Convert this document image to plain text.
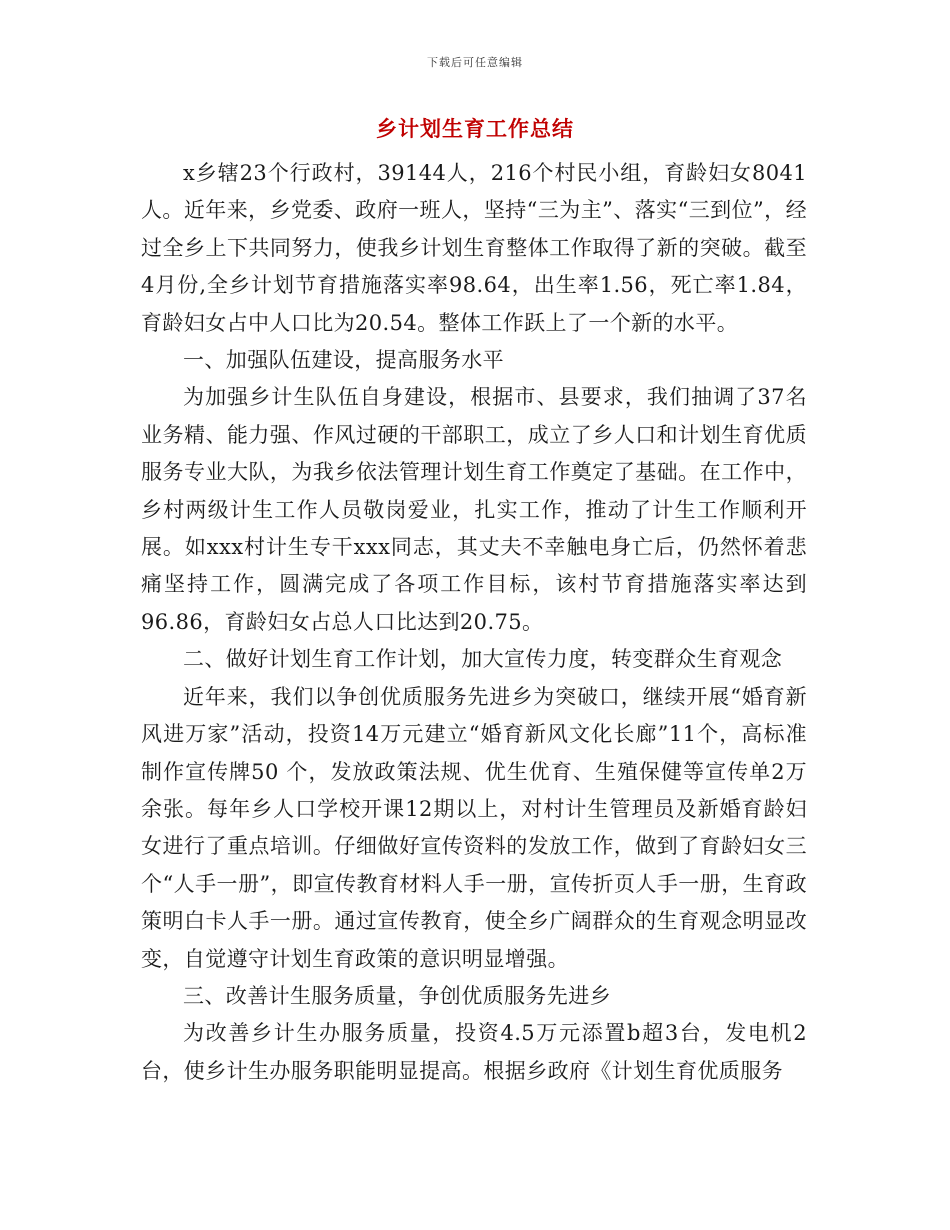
下载后可任意编辑
乡计划生育工作总结

x乡辖23个行政村，39144人，216个村民小组，育龄妇女8041人。近年来，乡党委、政府一班人，坚持“三为主”、落实“三到位”，经过全乡上下共同努力，使我乡计划生育整体工作取得了新的突破。截至4月份,全乡计划节育措施落实率98.64，出生率1.56，死亡率1.84，育龄妇女占中人口比为20.54。整体工作跃上了一个新的水平。

一、加强队伍建设，提高服务水平

为加强乡计生队伍自身建设，根据市、县要求，我们抽调了37名业务精、能力强、作风过硬的干部职工，成立了乡人口和计划生育优质服务专业大队，为我乡依法管理计划生育工作奠定了基础。在工作中，乡村两级计生工作人员敬岗爱业，扎实工作，推动了计生工作顺利开展。如xxx村计生专干xxx同志，其丈夫不幸触电身亡后，仍然怀着悲痛坚持工作，圆满完成了各项工作目标，该村节育措施落实率达到96.86，育龄妇女占总人口比达到20.75。

二、做好计划生育工作计划，加大宣传力度，转变群众生育观念

近年来，我们以争创优质服务先进乡为突破口，继续开展“婚育新风进万家”活动，投资14万元建立“婚育新风文化长廊”11个，高标准制作宣传牌50 个，发放政策法规、优生优育、生殖保健等宣传单2万余张。每年乡人口学校开课12期以上，对村计生管理员及新婚育龄妇女进行了重点培训。仔细做好宣传资料的发放工作，做到了育龄妇女三个“人手一册”，即宣传教育材料人手一册，宣传折页人手一册，生育政策明白卡人手一册。通过宣传教育，使全乡广阔群众的生育观念明显改变，自觉遵守计划生育政策的意识明显增强。

三、改善计生服务质量，争创优质服务先进乡

为改善乡计生办服务质量，投资4.5万元添置b超3台，发电机2台，使乡计生办服务职能明显提高。根据乡政府《计划生育优质服务
